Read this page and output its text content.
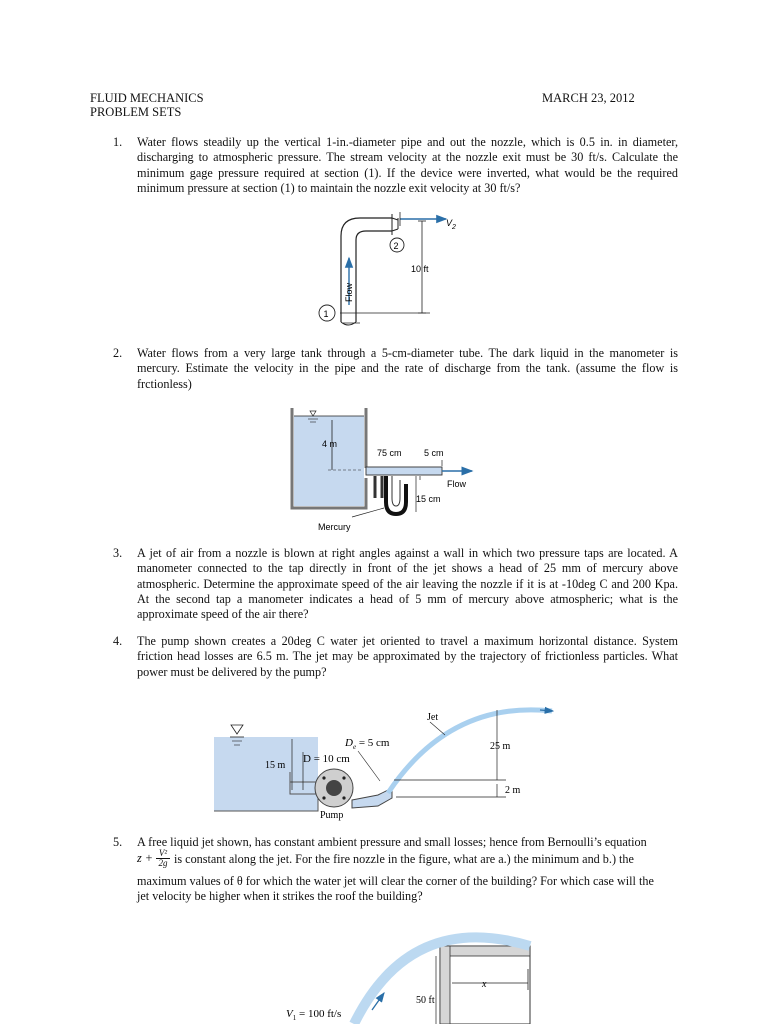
FLUID MECHANICS
PROBLEM SETS
MARCH 23, 2012
1. Water flows steadily up the vertical 1-in.-diameter pipe and out the nozzle, which is 0.5 in. in diameter, discharging to atmospheric pressure. The stream velocity at the nozzle exit must be 30 ft/s. Calculate the minimum gage pressure required at section (1). If the device were inverted, what would be the required minimum pressure at section (1) to maintain the nozzle exit velocity at 30 ft/s?
2. Water flows from a very large tank through a 5-cm-diameter tube. The dark liquid in the manometer is mercury. Estimate the velocity in the pipe and the rate of discharge from the tank. (assume the flow is frctionless)
3. A jet of air from a nozzle is blown at right angles against a wall in which two pressure taps are located. A manometer connected to the tap directly in front of the jet shows a head of 25 mm of mercury above atmospheric. Determine the approximate speed of the air leaving the nozzle if it is at -10deg C and 200 Kpa. At the second tap a manometer indicates a head of 5 mm of mercury above atmospheric; what is the approximate speed of the air there?
4. The pump shown creates a 20deg C water jet oriented to travel a maximum horizontal distance. System friction head losses are 6.5 m. The jet may be approximated by the trajectory of frictionless particles. What power must be delivered by the pump?
5. A free liquid jet shown, has constant ambient pressure and small losses; hence from Bernoulli’s equation
$z + \frac{\text{V²}}{2g}$ is constant along the jet. For the fire nozzle in the figure, what are a.) the minimum and b.) the
maximum values of θ for which the water jet will clear the corner of the building? For which case will the
jet velocity be higher when it strikes the roof the building?
$V_2$
2
10 ft
Flow
1
4 m
75 cm 5 cm
Flow
15 cm
Mercury
Jet
$D_e = 5$ cm
D = 10 cm
15 m
25 m
2 m
Pump
x
50 ft
$V_1 = 100$ ft/s
